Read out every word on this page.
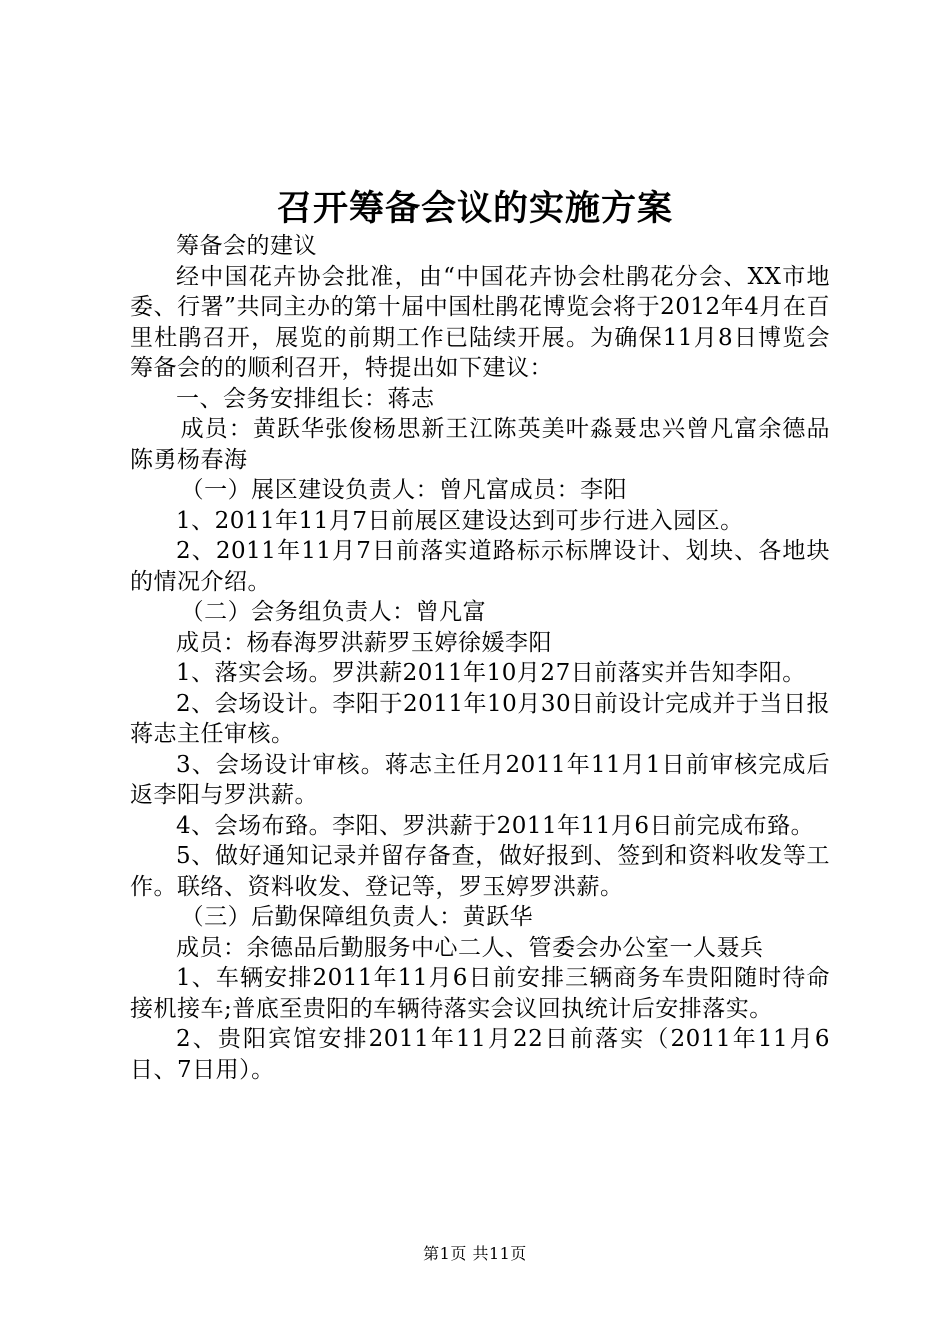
召开筹备会议的实施方案

筹备会的建议

经中国花卉协会批准，由“中国花卉协会杜鹃花分会、XX市地委、行署”共同主办的第十届中国杜鹃花博览会将于2012年4月在百里杜鹃召开，展览的前期工作已陆续开展。为确保11月8日博览会筹备会的的顺利召开，特提出如下建议：

一、会务安排组长：蒋志

成员：黄跃华张俊杨思新王江陈英美叶淼聂忠兴曾凡富余德品陈勇杨春海

（一）展区建设负责人：曾凡富成员：李阳

1、2011年11月7日前展区建设达到可步行进入园区。

2、2011年11月7日前落实道路标示标牌设计、划块、各地块的情况介绍。

（二）会务组负责人：曾凡富

成员：杨春海罗洪薪罗玉婷徐媛李阳

1、落实会场。罗洪薪2011年10月27日前落实并告知李阳。

2、会场设计。李阳于2011年10月30日前设计完成并于当日报蒋志主任审核。

3、会场设计审核。蒋志主任月2011年11月1日前审核完成后返李阳与罗洪薪。

4、会场布臵。李阳、罗洪薪于2011年11月6日前完成布臵。

5、做好通知记录并留存备查，做好报到、签到和资料收发等工作。联络、资料收发、登记等，罗玉婷罗洪薪。

（三）后勤保障组负责人：黄跃华

成员：余德品后勤服务中心二人、管委会办公室一人聂兵

1、车辆安排2011年11月6日前安排三辆商务车贵阳随时待命接机接车;普底至贵阳的车辆待落实会议回执统计后安排落实。

2、贵阳宾馆安排2011年11月22日前落实（2011年11月6日、7日用）。

第1页 共11页
